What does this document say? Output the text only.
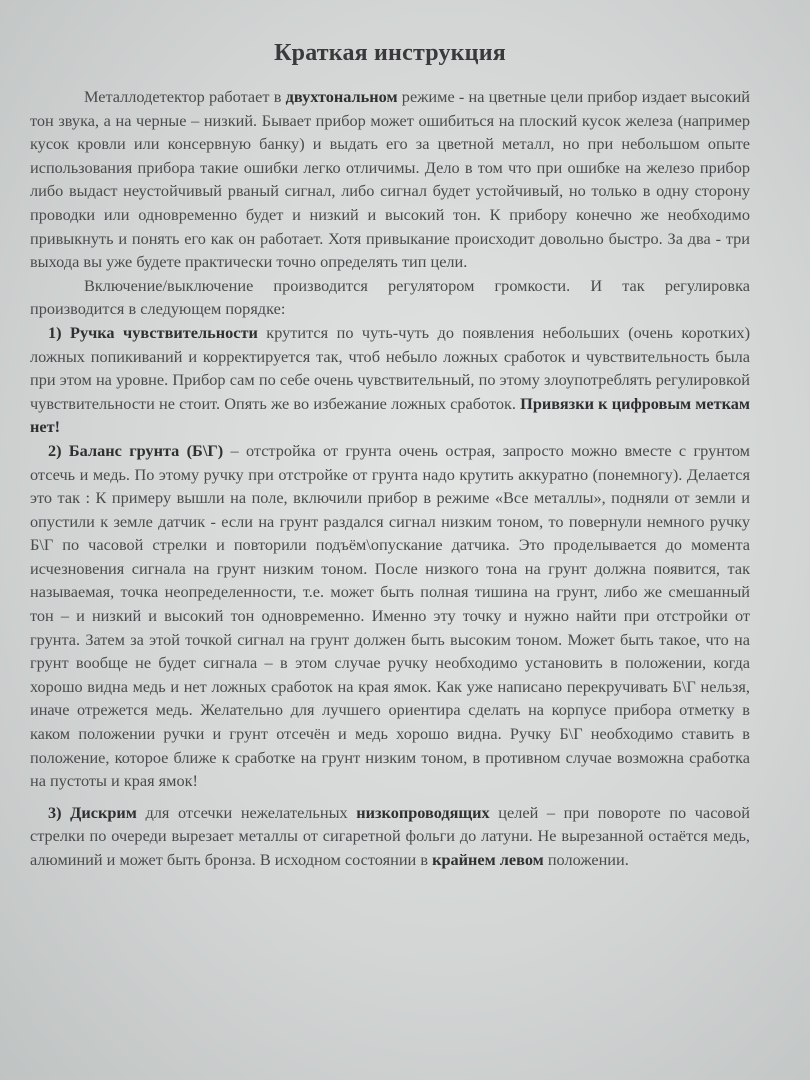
Краткая инструкция

Металлодетектор работает в двухтональном режиме - на цветные цели прибор издает высокий тон звука, а на черные – низкий. Бывает прибор может ошибиться на плоский кусок железа (например кусок кровли или консервную банку) и выдать его за цветной металл, но при небольшом опыте использования прибора такие ошибки легко отличимы. Дело в том что при ошибке на железо прибор либо выдаст неустойчивый рваный сигнал, либо сигнал будет устойчивый, но только в одну сторону проводки или одновременно будет и низкий и высокий тон. К прибору конечно же необходимо привыкнуть и понять его как он работает. Хотя привыкание происходит довольно быстро. За два - три выхода вы уже будете практически точно определять тип цели.

Включение/выключение производится регулятором громкости. И так регулировка производится в следующем порядке:

1) Ручка чувствительности крутится по чуть-чуть до появления небольших (очень коротких) ложных попикиваний и корректируется так, чтоб небыло ложных сработок и чувствительность была при этом на уровне. Прибор сам по себе очень чувствительный, по этому злоупотреблять регулировкой чувствительности не стоит. Опять же во избежание ложных сработок. Привязки к цифровым меткам нет!

2) Баланс грунта (Б\Г) – отстройка от грунта очень острая, запросто можно вместе с грунтом отсечь и медь. По этому ручку при отстройке от грунта надо крутить аккуратно (понемногу). Делается это так : К примеру вышли на поле, включили прибор в режиме «Все металлы», подняли от земли и опустили к земле датчик - если на грунт раздался сигнал низким тоном, то повернули немного ручку Б\Г по часовой стрелки и повторили подъём\опускание датчика. Это проделывается до момента исчезновения сигнала на грунт низким тоном. После низкого тона на грунт должна появится, так называемая, точка неопределенности, т.е. может быть полная тишина на грунт, либо же смешанный тон – и низкий и высокий тон одновременно. Именно эту точку и нужно найти при отстройки от грунта. Затем за этой точкой сигнал на грунт должен быть высоким тоном. Может быть такое, что на грунт вообще не будет сигнала – в этом случае ручку необходимо установить в положении, когда хорошо видна медь и нет ложных сработок на края ямок. Как уже написано перекручивать Б\Г нельзя, иначе отрежется медь. Желательно для лучшего ориентира сделать на корпусе прибора отметку в каком положении ручки и грунт отсечён и медь хорошо видна. Ручку Б\Г необходимо ставить в положение, которое ближе к сработке на грунт низким тоном, в противном случае возможна сработка на пустоты и края ямок!

3) Дискрим для отсечки нежелательных низкопроводящих целей – при повороте по часовой стрелки по очереди вырезает металлы от сигаретной фольги до латуни. Не вырезанной остаётся медь, алюминий и может быть бронза. В исходном состоянии в крайнем левом положении.
